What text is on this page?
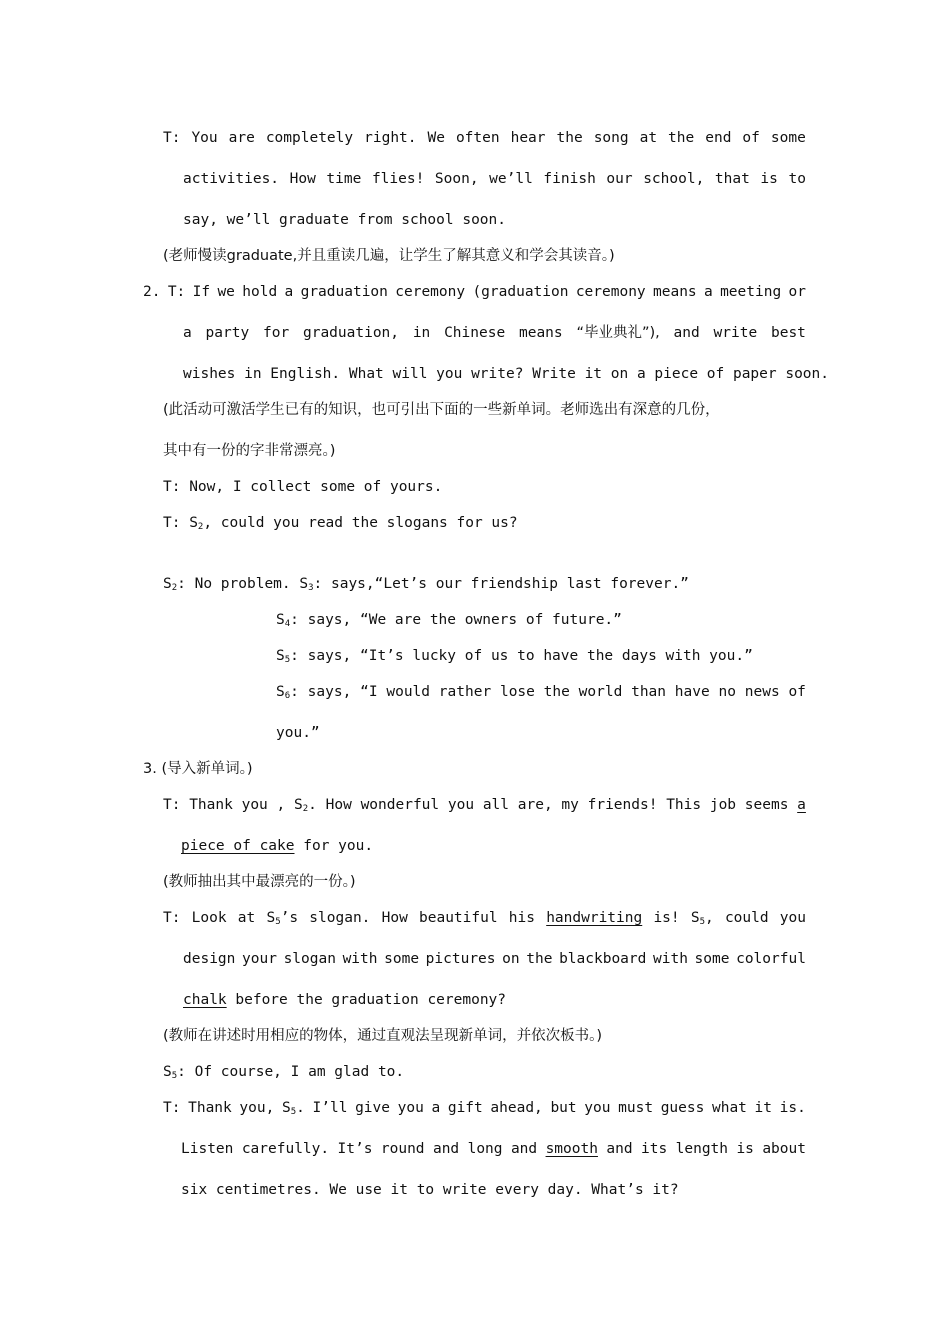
T: You are completely right. We often hear the song at the end of some
activities. How time flies! Soon, we’ll finish our school, that is to
say, we’ll graduate from school soon.
(老师慢读graduate,并且重读几遍，让学生了解其意义和学会其读音。)
2. T: If we hold a graduation ceremony (graduation ceremony means a meeting or
a party for graduation, in Chinese means “毕业典礼”), and write best
wishes in English. What will you write? Write it on a piece of paper soon.
(此活动可激活学生已有的知识，也可引出下面的一些新单词。老师选出有深意的几份，
其中有一份的字非常漂亮。)
T: Now, I collect some of yours.
T: $S_2$, could you read the slogans for us?
$S_2$: No problem. $S_3$: says,“Let’s our friendship last forever.”
$S_4$: says, “We are the owners of future.”
$S_5$: says, “It’s lucky of us to have the days with you.”
$S_6$: says, “I would rather lose the world than have no news of
you.”
3. (导入新单词。)
T: Thank you , $S_2$. How wonderful you all are, my friends! This job seems a
piece of cake for you.
(教师抽出其中最漂亮的一份。)
T: Look at $S_5’s$ slogan. How beautiful his handwriting is! $S_5$, could you
design your slogan with some pictures on the blackboard with some colorful
chalk before the graduation ceremony?
(教师在讲述时用相应的物体，通过直观法呈现新单词，并依次板书。)
$S_5$: Of course, I am glad to.
T: Thank you, $S_5$. I’ll give you a gift ahead, but you must guess what it is.
Listen carefully. It’s round and long and smooth and its length is about
six centimetres. We use it to write every day. What’s it?
